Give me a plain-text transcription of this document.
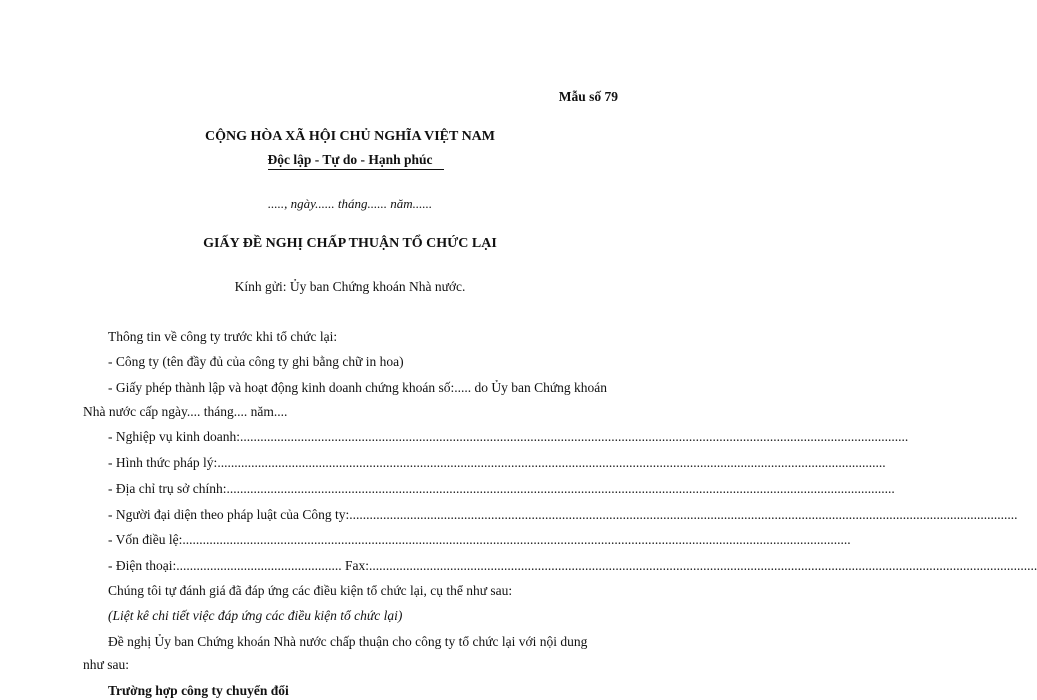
Mẫu số 79
CỘNG HÒA XÃ HỘI CHỦ NGHĨA VIỆT NAM
Độc lập - Tự do - Hạnh phúc
....., ngày...... tháng...... năm......
GIẤY ĐỀ NGHỊ CHẤP THUẬN TỔ CHỨC LẠI
Kính gửi: Ủy ban Chứng khoán Nhà nước.
Thông tin về công ty trước khi tổ chức lại:
- Công ty (tên đầy đủ của công ty ghi bằng chữ in hoa)
- Giấy phép thành lập và hoạt động kinh doanh chứng khoán số:..... do Ủy ban Chứng khoán
Nhà nước cấp ngày.... tháng.... năm....
- Nghiệp vụ kinh doanh:......................................................................................................................................................................................................
- Hình thức pháp lý:......................................................................................................................................................................................................
- Địa chỉ trụ sở chính:......................................................................................................................................................................................................
- Người đại diện theo pháp luật của Công ty:......................................................................................................................................................................................................
- Vốn điều lệ:......................................................................................................................................................................................................
- Điện thoại:................................................. Fax:......................................................................................................................................................................................................
Chúng tôi tự đánh giá đã đáp ứng các điều kiện tổ chức lại, cụ thể như sau:
(Liệt kê chi tiết việc đáp ứng các điều kiện tổ chức lại)
Đề nghị Ủy ban Chứng khoán Nhà nước chấp thuận cho công ty tổ chức lại với nội dung
như sau:
Trường hợp công ty chuyển đổi
